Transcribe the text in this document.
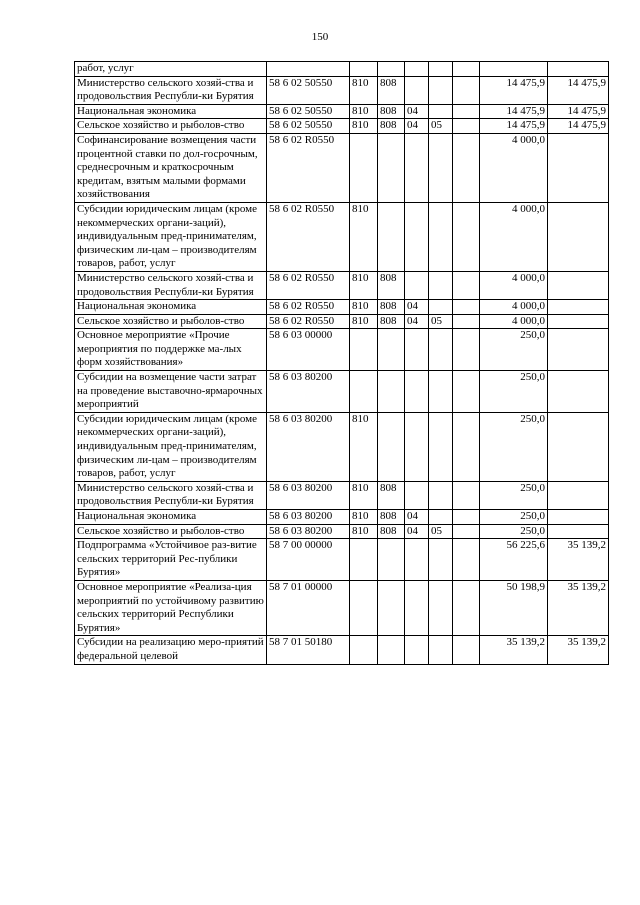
150
работ, услуг								
Министерство сельского хозяй-ства и продовольствия Республи-ки Бурятия	58 6 02 50550	810	808				14 475,9	14 475,9
Национальная экономика	58 6 02 50550	810	808	04			14 475,9	14 475,9
Сельское хозяйство и рыболов-ство	58 6 02 50550	810	808	04	05		14 475,9	14 475,9
Софинансирование возмещения части процентной ставки по дол-госрочным, среднесрочным и краткосрочным кредитам, взятым малыми формами хозяйствования	58 6 02 R0550						4 000,0	
Субсидии юридическим лицам (кроме некоммерческих органи-заций), индивидуальным пред-принимателям, физическим ли-цам – производителям товаров, работ, услуг	58 6 02 R0550	810					4 000,0	
Министерство сельского хозяй-ства и продовольствия Республи-ки Бурятия	58 6 02 R0550	810	808				4 000,0	
Национальная экономика	58 6 02 R0550	810	808	04			4 000,0	
Сельское хозяйство и рыболов-ство	58 6 02 R0550	810	808	04	05		4 000,0	
Основное мероприятие «Прочие мероприятия по поддержке ма-лых форм хозяйствования»	58 6 03 00000						250,0	
Субсидии на возмещение части затрат на проведение выставочно-ярмарочных мероприятий	58 6 03 80200						250,0	
Субсидии юридическим лицам (кроме некоммерческих органи-заций), индивидуальным пред-принимателям, физическим ли-цам – производителям товаров, работ, услуг	58 6 03 80200	810					250,0	
Министерство сельского хозяй-ства и продовольствия Республи-ки Бурятия	58 6 03 80200	810	808				250,0	
Национальная экономика	58 6 03 80200	810	808	04			250,0	
Сельское хозяйство и рыболов-ство	58 6 03 80200	810	808	04	05		250,0	
Подпрограмма «Устойчивое раз-витие сельских территорий Рес-публики Бурятия»	58 7 00 00000						56 225,6	35 139,2
Основное мероприятие «Реализа-ция мероприятий по устойчивому развитию сельских территорий Республики Бурятия»	58 7 01 00000						50 198,9	35 139,2
Субсидии на реализацию меро-приятий федеральной целевой	58 7 01 50180						35 139,2	35 139,2
